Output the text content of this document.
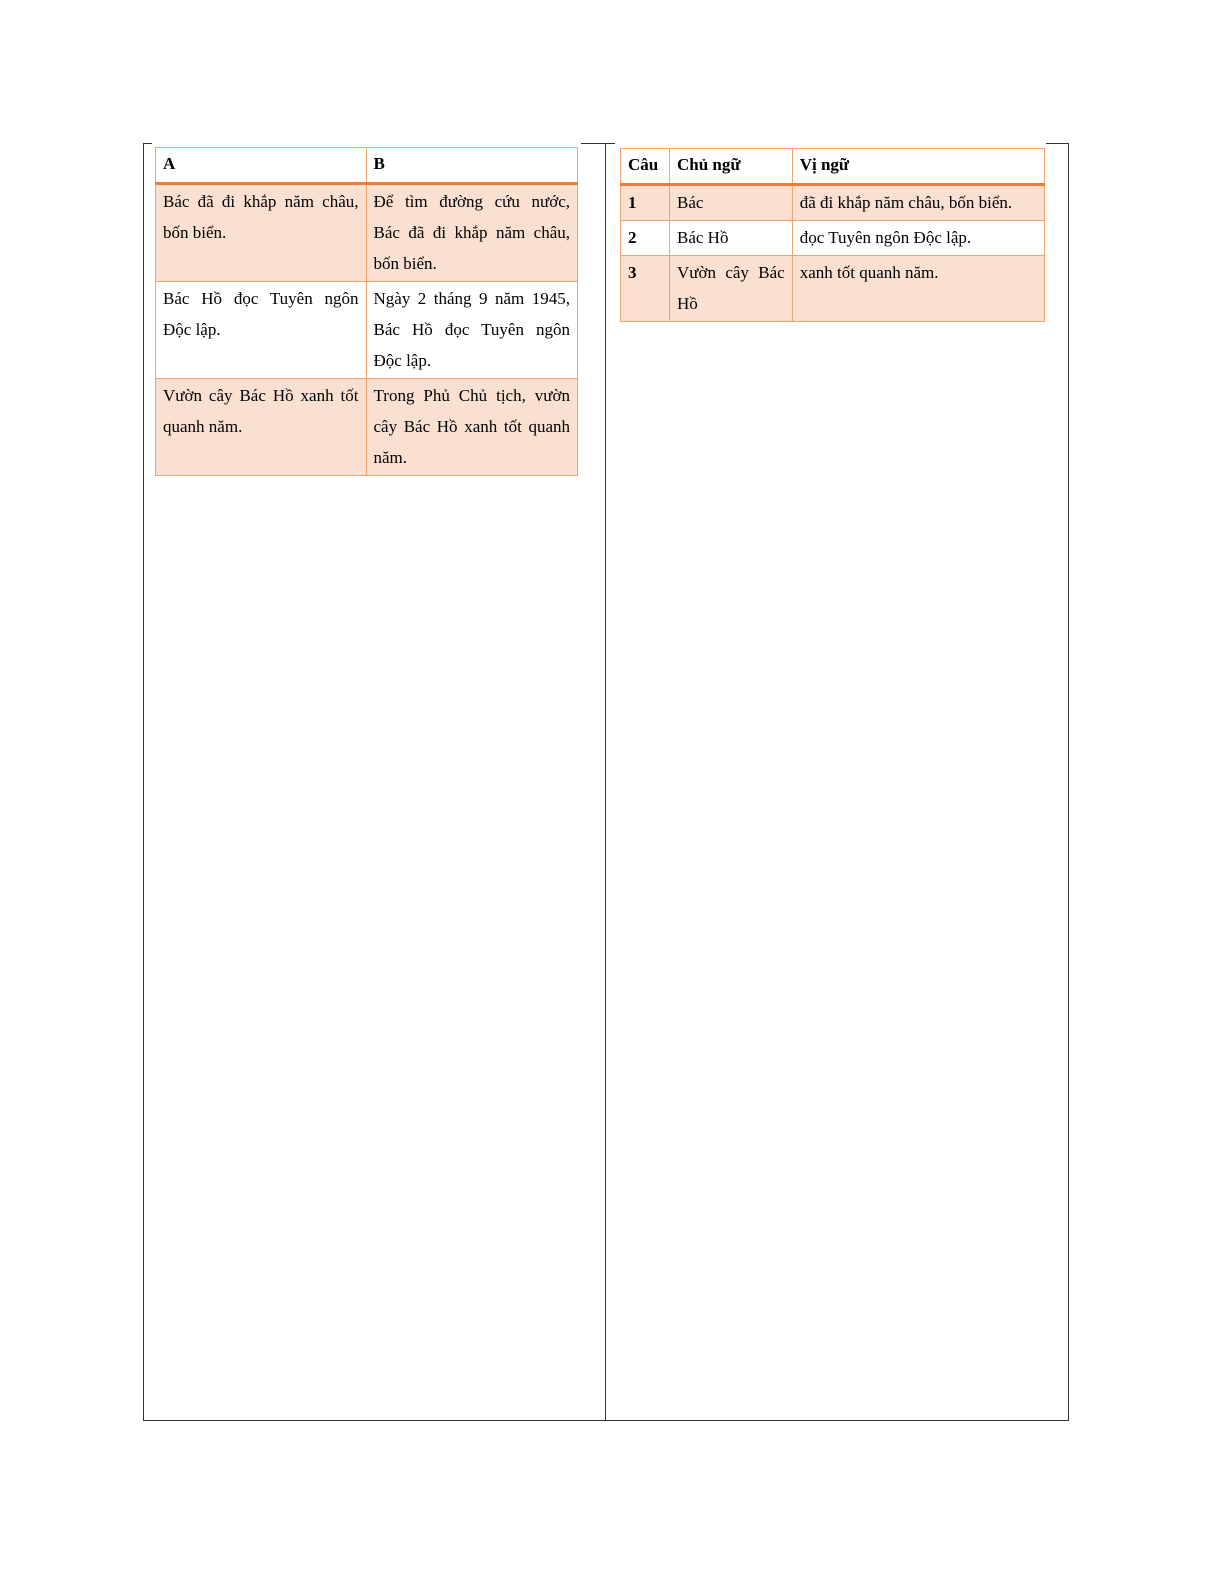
A	B
Bác đã đi khắp năm châu, bốn biển.	Để tìm đường cứu nước, Bác đã đi khắp năm châu, bốn biển.
Bác Hồ đọc Tuyên ngôn Độc lập.	Ngày 2 tháng 9 năm 1945, Bác Hồ đọc Tuyên ngôn Độc lập.
Vườn cây Bác Hồ xanh tốt quanh năm.	Trong Phủ Chủ tịch, vườn cây Bác Hồ xanh tốt quanh năm.
Câu	Chủ ngữ	Vị ngữ
1	Bác	đã đi khắp năm châu, bốn biển.
2	Bác Hồ	đọc Tuyên ngôn Độc lập.
3	Vườn cây Bác Hồ	xanh tốt quanh năm.
